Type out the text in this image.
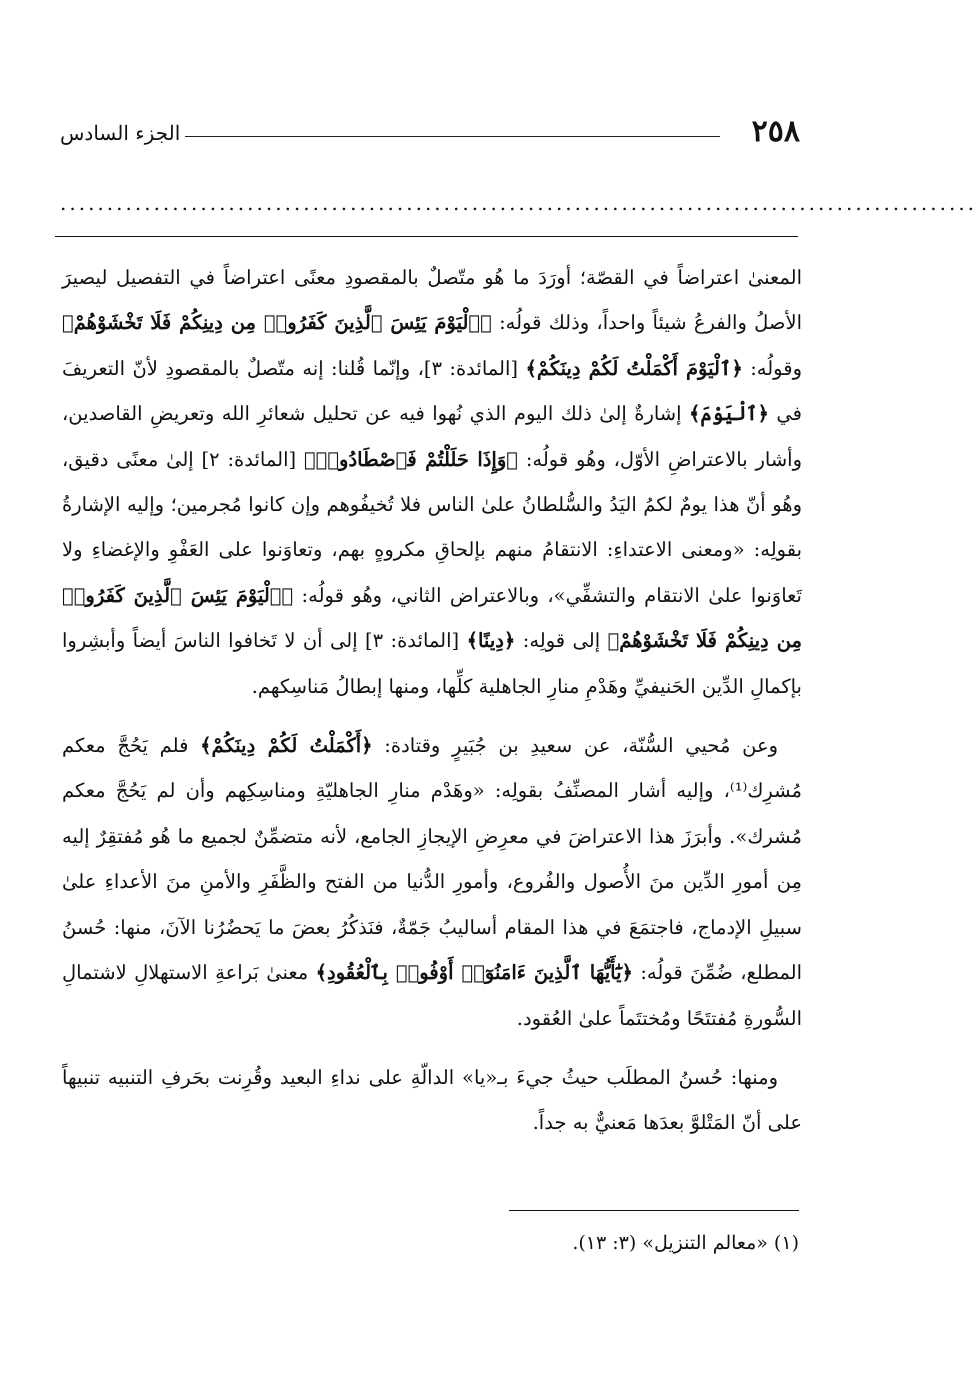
٢٥٨
الجزء السادس
..................................................................................................

المعنىٰ اعتراضاً في القصّة؛ أورَدَ ما هُو متّصلٌ بالمقصودِ معنًى اعتراضاً في التفصيل ليصيرَ الأصلُ والفرعُ شيئاً واحداً، وذلك قولُه: ﴿ٱلْيَوْمَ يَئِسَ ٱلَّذِينَ كَفَرُوا۟ مِن دِينِكُمْ فَلَا تَخْشَوْهُمْ﴾ وقولُه: ﴿ٱلْيَوْمَ أَكْمَلْتُ لَكُمْ دِينَكُمْ﴾ [المائدة: ٣]، وإنّما قُلنا: إنه متّصلٌ بالمقصودِ لأنّ التعريفَ في ﴿ٱلْيَوْمَ﴾ إشارةٌ إلىٰ ذلك اليوم الذي نُهوا فيه عن تحليل شعائرِ الله وتعريضِ القاصدين، وأشار بالاعتراضِ الأوّل، وهُو قولُه: ﴿وَإِذَا حَلَلْتُمْ فَٱصْطَادُوا۟﴾ [المائدة: ٢] إلىٰ معنًى دقيق، وهُو أنّ هذا يومٌ لكمُ اليَدُ والسُّلطانُ علىٰ الناس فلا تُخيفُوهم وإن كانوا مُجرمين؛ وإليه الإشارةُ بقولِه: «ومعنى الاعتداءِ: الانتقامُ منهم بإلحاقِ مكروهٍ بهم، وتعاوَنوا على العَفْوِ والإغضاءِ ولا تَعاوَنوا علىٰ الانتقام والتشفِّي»، وبالاعتراض الثاني، وهُو قولُه: ﴿ٱلْيَوْمَ يَئِسَ ٱلَّذِينَ كَفَرُوا۟ مِن دِينِكُمْ فَلَا تَخْشَوْهُمْ﴾ إلى قولِه: ﴿دِينًا﴾ [المائدة: ٣] إلى أن لا تَخافوا الناسَ أيضاً وأبشِروا بإكمالِ الدِّين الحَنيفيِّ وهَدْمِ منارِ الجاهلية كلِّها، ومنها إبطالُ مَناسِكهم.

وعن مُحيي السُّنّة، عن سعيدِ بن جُبَيرٍ وقتادة: ﴿أَكْمَلْتُ لَكُمْ دِينَكُمْ﴾ فلم يَحُجَّ معكم مُشرِك⁽¹⁾، وإليه أشار المصنِّفُ بقولِه: «وهَدْم منارِ الجاهليّةِ ومناسِكِهم وأن لم يَحُجَّ معكم مُشرك». وأبرَزَ هذا الاعتراضَ في معرِضِ الإيجازِ الجامع، لأنه متضمِّنٌ لجميع ما هُو مُفتقِرٌ إليه مِن أمورِ الدِّين منَ الأُصول والفُروع، وأمورِ الدُّنيا من الفتح والظَّفَرِ والأمنِ منَ الأعداءِ علىٰ سبيلِ الإدماج، فاجتمَعَ في هذا المقام أساليبُ جَمّةٌ، فنَذكُرُ بعضَ ما يَحضُرُنا الآنَ، منها: حُسنُ المطلع، ضُمِّنَ قولُه: ﴿يَٰٓأَيُّهَا ٱلَّذِينَ ءَامَنُوٓا۟ أَوْفُوا۟ بِٱلْعُقُودِ﴾ معنىٰ بَراعةِ الاستهلالِ لاشتمالِ السُّورةِ مُفتتَحًا ومُختتَماً علىٰ العُقود.

ومنها: حُسنُ المطلَب حيثُ جيءَ بـ«يا» الدالّةِ على نداءِ البعيد وقُرِنت بحَرفِ التنبيه تنبيهاً على أنّ المَتْلوَّ بعدَها مَعنيٌّ به جداً.

(١) «معالم التنزيل» (٣: ١٣).
